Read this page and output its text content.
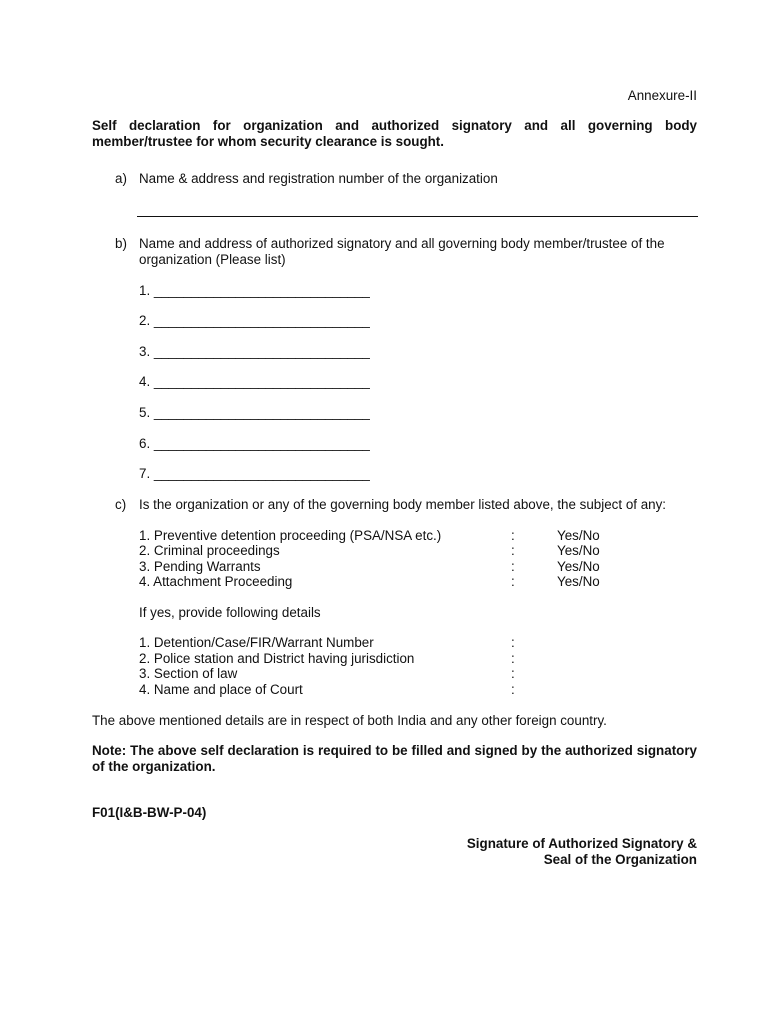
Annexure-II
Self declaration for organization and authorized signatory and all governing body member/trustee for whom security clearance is sought.
a) Name & address and registration number of the organization
b) Name and address of authorized signatory and all governing body member/trustee of the
organization (Please list)
1. _____________________________
2. _____________________________
3. _____________________________
4. _____________________________
5. _____________________________
6. _____________________________
7. _____________________________
c) Is the organization or any of the governing body member listed above, the subject of any:
1. Preventive detention proceeding (PSA/NSA etc.)	:	Yes/No
2. Criminal proceedings	:	Yes/No
3. Pending Warrants	:	Yes/No
4. Attachment Proceeding	:	Yes/No
If yes, provide following details
1. Detention/Case/FIR/Warrant Number	:
2. Police station and District having jurisdiction	:
3. Section of law	:
4. Name and place of Court	:
The above mentioned details are in respect of both India and any other foreign country.
Note: The above self declaration is required to be filled and signed by the authorized signatory of the organization.
F01(I&B-BW-P-04)
Signature of Authorized Signatory &
Seal of the Organization
